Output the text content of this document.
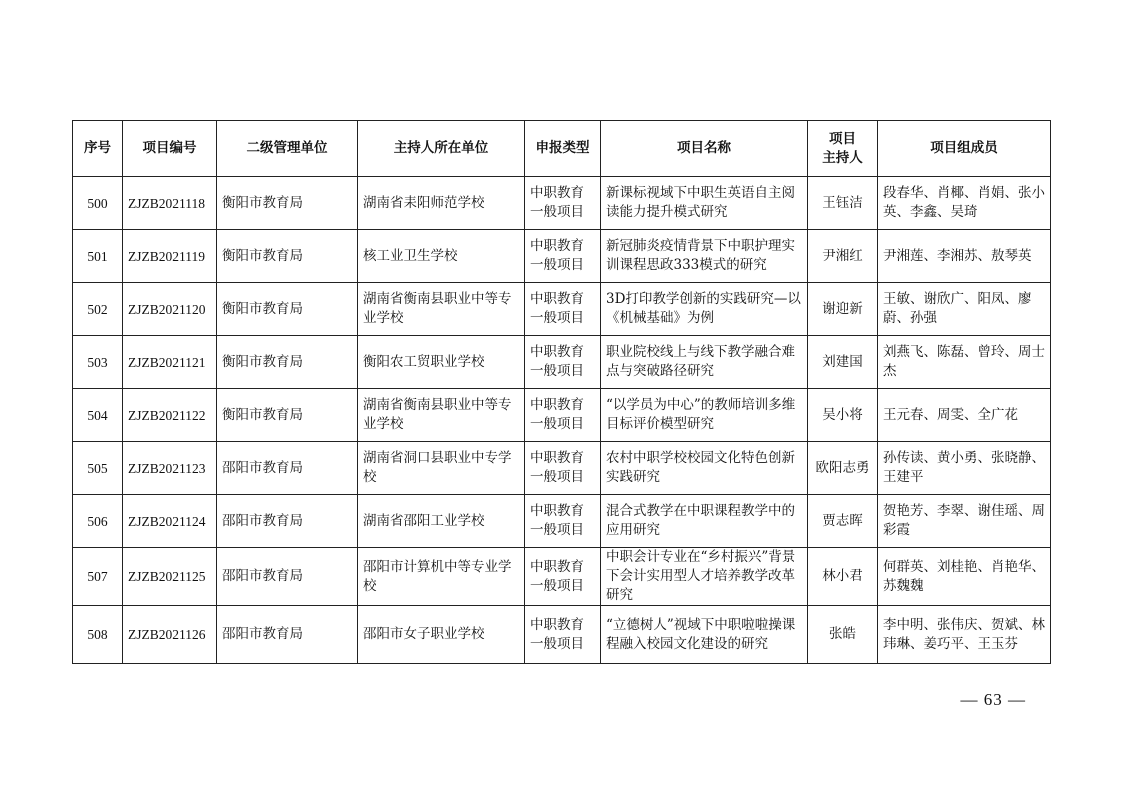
序号	项目编号	二级管理单位	主持人所在单位	申报类型	项目名称	项目
主持人	项目组成员
500	ZJZB2021118	衡阳市教育局	湖南省耒阳师范学校	中职教育一般项目	新课标视域下中职生英语自主阅读能力提升模式研究	王钰洁	段春华、肖椰、肖娟、张小英、李鑫、吴琦
501	ZJZB2021119	衡阳市教育局	核工业卫生学校	中职教育一般项目	新冠肺炎疫情背景下中职护理实训课程思政333模式的研究	尹湘红	尹湘莲、李湘苏、敖琴英
502	ZJZB2021120	衡阳市教育局	湖南省衡南县职业中等专业学校	中职教育一般项目	3D打印教学创新的实践研究—以《机械基础》为例	谢迎新	王敏、谢欣广、阳凤、廖蔚、孙强
503	ZJZB2021121	衡阳市教育局	衡阳农工贸职业学校	中职教育一般项目	职业院校线上与线下教学融合难点与突破路径研究	刘建国	刘燕飞、陈磊、曾玲、周士杰
504	ZJZB2021122	衡阳市教育局	湖南省衡南县职业中等专业学校	中职教育一般项目	“以学员为中心”的教师培训多维目标评价模型研究	吴小将	王元春、周雯、全广花
505	ZJZB2021123	邵阳市教育局	湖南省洞口县职业中专学校	中职教育一般项目	农村中职学校校园文化特色创新实践研究	欧阳志勇	孙传读、黄小勇、张晓静、王建平
506	ZJZB2021124	邵阳市教育局	湖南省邵阳工业学校	中职教育一般项目	混合式教学在中职课程教学中的应用研究	贾志晖	贺艳芳、李翠、谢佳瑶、周彩霞
507	ZJZB2021125	邵阳市教育局	邵阳市计算机中等专业学校	中职教育一般项目	中职会计专业在“乡村振兴”背景下会计实用型人才培养教学改革研究	林小君	何群英、刘桂艳、肖艳华、苏魏魏
508	ZJZB2021126	邵阳市教育局	邵阳市女子职业学校	中职教育一般项目	“立德树人”视域下中职啦啦操课程融入校园文化建设的研究	张皓	李中明、张伟庆、贺斌、林玮琳、姜巧平、王玉芬
— 63 —
